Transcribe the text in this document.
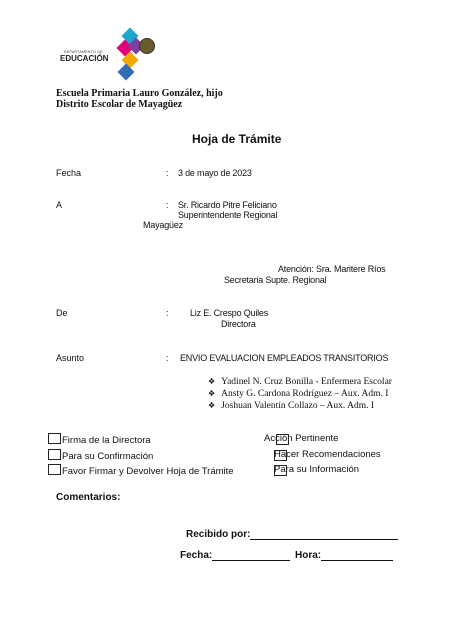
DEPARTAMENTO DE
EDUCACIÓN
Escuela Primaria Lauro González, hijo
Distrito Escolar de Mayagüez
Hoja de Trámite
Fecha	: 3 de mayo de 2023
A	: Sr. Ricardo Pitre Feliciano
Superintendente Regional
Mayagüez
Atención: Sra. Maritere Ríos
Secretaria Supte. Regional
De	: Liz E. Crespo Quiles
Directora
Asunto	: ENVIO EVALUACION EMPLEADOS TRANSITORIOS
❖ Yadinel N. Cruz Bonilla - Enfermera Escolar
❖ Ansty G. Cardona Rodríguez – Aux. Adm. I
❖ Joshuan Valentín Collazo – Aux. Adm. I
Firma de la Directora
Para su Confirmación
Favor Firmar y Devolver Hoja de Trámite
Acción Pertinente
Hacer Recomendaciones
Para su Información
Comentarios:
Recibido por:
Fecha:	Hora:
